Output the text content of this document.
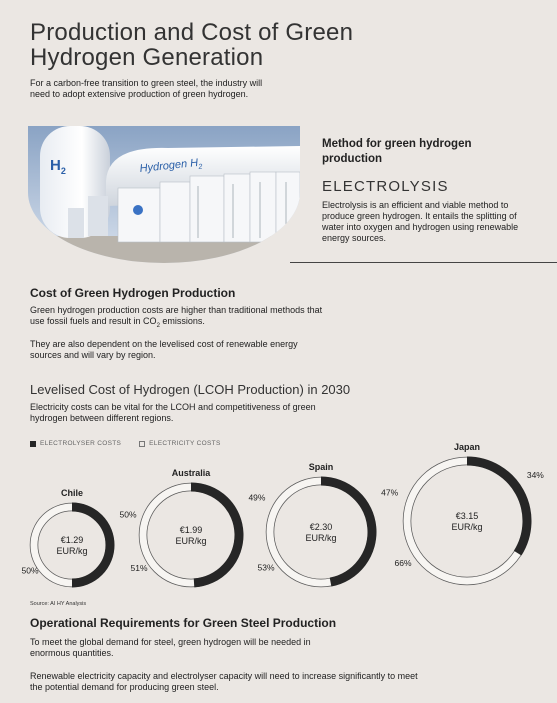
Production and Cost of Green
Hydrogen Generation

For a carbon-free transition to green steel, the industry will need to adopt extensive production of green hydrogen.

$H_2$	Hydrogen $H_2$
Method for green hydrogen production
ELECTROLYSIS

Electrolysis is an efficient and viable method to produce green hydrogen. It entails the splitting of water into oxygen and hydrogen using renewable energy sources.

Cost of Green Hydrogen Production

Green hydrogen production costs are higher than traditional methods that use fossil fuels and result in $CO_2$ emissions.

They are also dependent on the levelised cost of renewable energy sources and will vary by region.

Levelised Cost of Hydrogen (LCOH Production) in 2030

Electricity costs can be vital for the LCOH and competitiveness of green hydrogen between different regions.

ELECTROLYSER COSTS	ELECTRICITY COSTS
Chile
€1.29
EUR/kg
50%
50%
Australia
€1.99
EUR/kg
49%
51%
Spain
€2.30
EUR/kg
47%
53%
Japan
€3.15
EUR/kg
34%
66%
Source: AI HY Analysis
Operational Requirements for Green Steel Production

To meet the global demand for steel, green hydrogen will be needed in enormous quantities.

Renewable electricity capacity and electrolyser capacity will need to increase significantly to meet the potential demand for producing green steel.
